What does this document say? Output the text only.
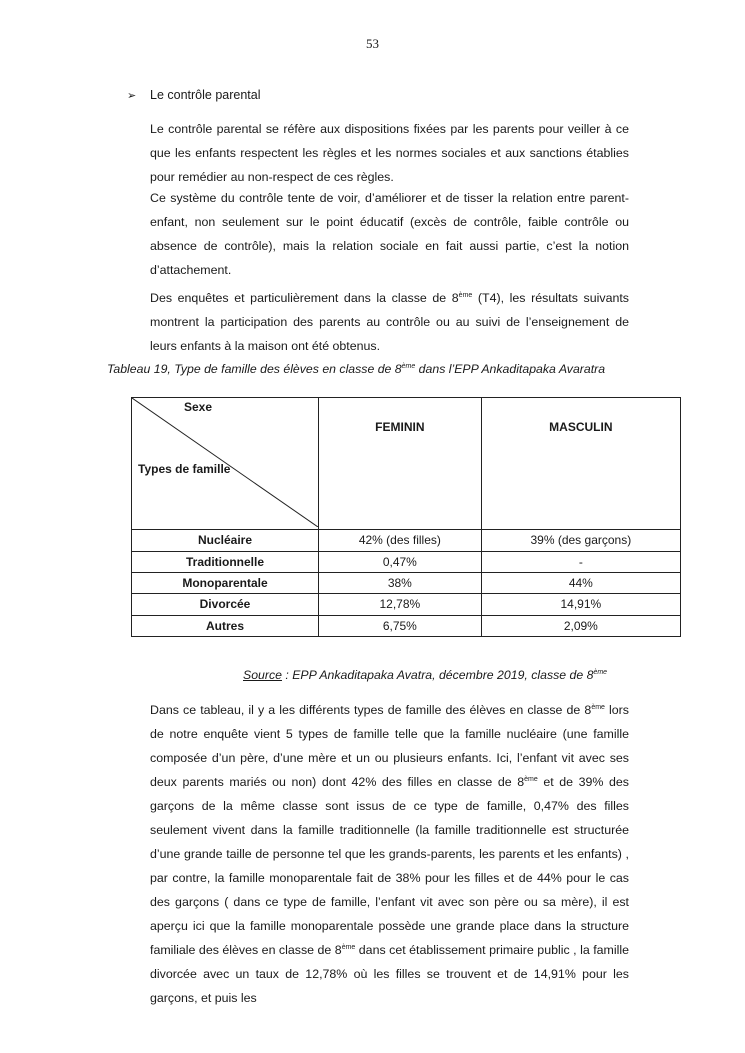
53
➢ Le contrôle parental

Le contrôle parental se réfère aux dispositions fixées par les parents pour veiller à ce que les enfants respectent les règles et les normes sociales et aux sanctions établies pour remédier au non-respect de ces règles.

Ce système du contrôle tente de voir, d’améliorer et de tisser la relation entre parent-enfant, non seulement sur le point éducatif (excès de contrôle, faible contrôle ou absence de contrôle), mais la relation sociale en fait aussi partie, c’est la notion d’attachement.

Des enquêtes et particulièrement dans la classe de 8ème (T4), les résultats suivants montrent la participation des parents au contrôle ou au suivi de l’enseignement de leurs enfants à la maison ont été obtenus.

Tableau 19, Type de famille des élèves en classe de 8ème dans l’EPP Ankaditapaka Avaratra
Sexe
Types de famille	FEMININ	MASCULIN

Nucléaire	42% (des filles)	39% (des garçons)
Traditionnelle	0,47%	-
Monoparentale	38%	44%
Divorcée	12,78%	14,91%
Autres	6,75%	2,09%
Source : EPP Ankaditapaka Avatra, décembre 2019, classe de 8ème

Dans ce tableau, il y a les différents types de famille des élèves en classe de 8ème lors de notre enquête vient 5 types de famille telle que la famille nucléaire (une famille composée d’un père, d’une mère et un ou plusieurs enfants. Ici, l’enfant vit avec ses deux parents mariés ou non) dont 42% des filles en classe de 8ème et de 39% des garçons de la même classe sont issus de ce type de famille, 0,47% des filles seulement vivent dans la famille traditionnelle (la famille traditionnelle est structurée d’une grande taille de personne tel que les grands-parents, les parents et les enfants) , par contre, la famille monoparentale fait de 38% pour les filles et de 44% pour le cas des garçons ( dans ce type de famille, l’enfant vit avec son père ou sa mère), il est aperçu ici que la famille monoparentale possède une grande place dans la structure familiale des élèves en classe de 8ème dans cet établissement primaire public , la famille divorcée avec un taux de 12,78% où les filles se trouvent et de 14,91% pour les garçons, et puis les
